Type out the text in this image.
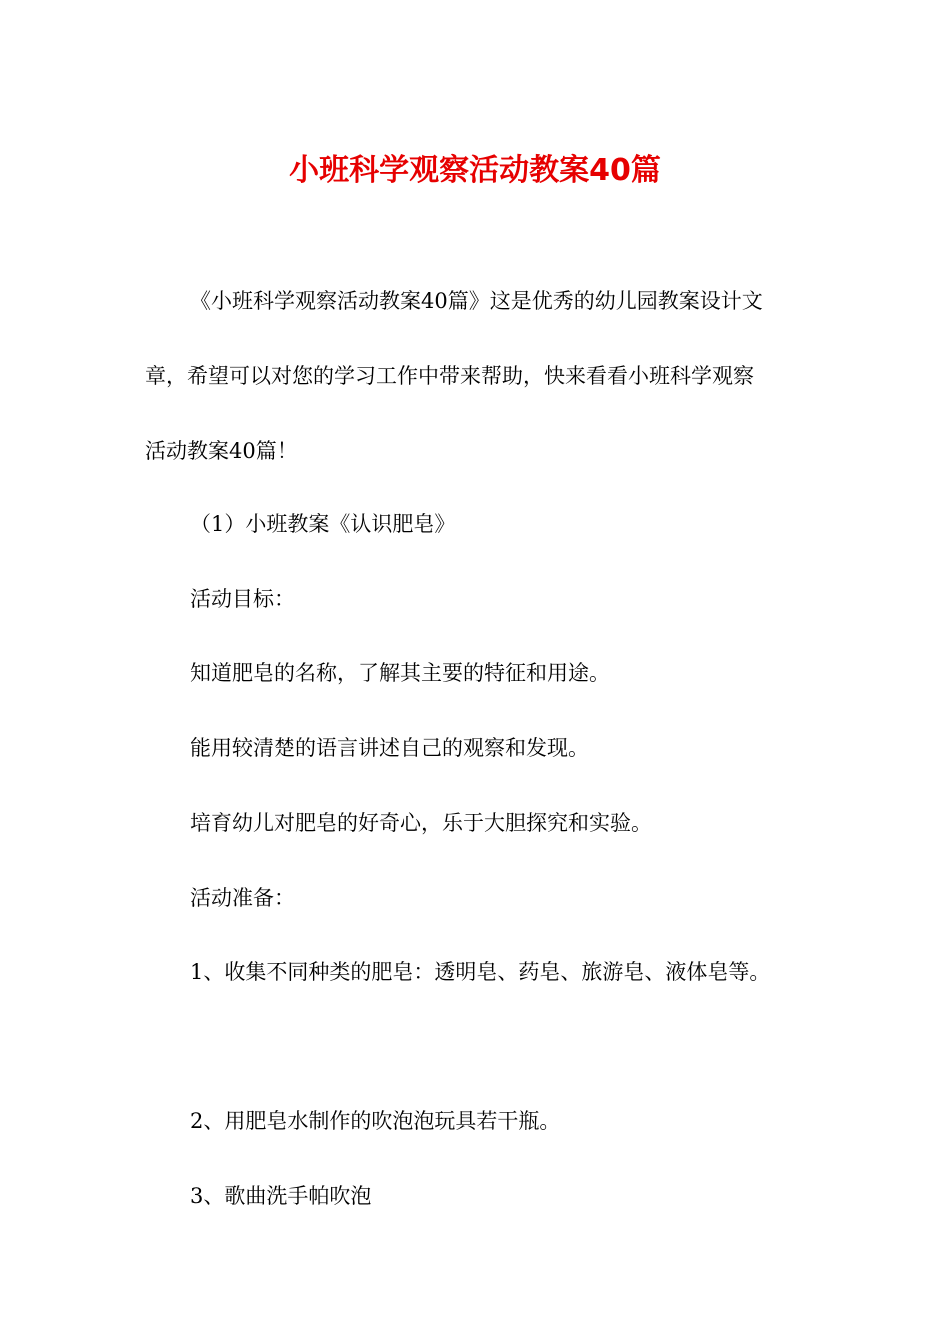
小班科学观察活动教案40篇

《小班科学观察活动教案40篇》这是优秀的幼儿园教案设计文

章，希望可以对您的学习工作中带来帮助，快来看看小班科学观察

活动教案40篇！

（1）小班教案《认识肥皂》

活动目标：

知道肥皂的名称，了解其主要的特征和用途。

能用较清楚的语言讲述自己的观察和发现。

培育幼儿对肥皂的好奇心，乐于大胆探究和实验。

活动准备：

1、收集不同种类的肥皂：透明皂、药皂、旅游皂、液体皂等。

2、用肥皂水制作的吹泡泡玩具若干瓶。

3、歌曲洗手帕吹泡
